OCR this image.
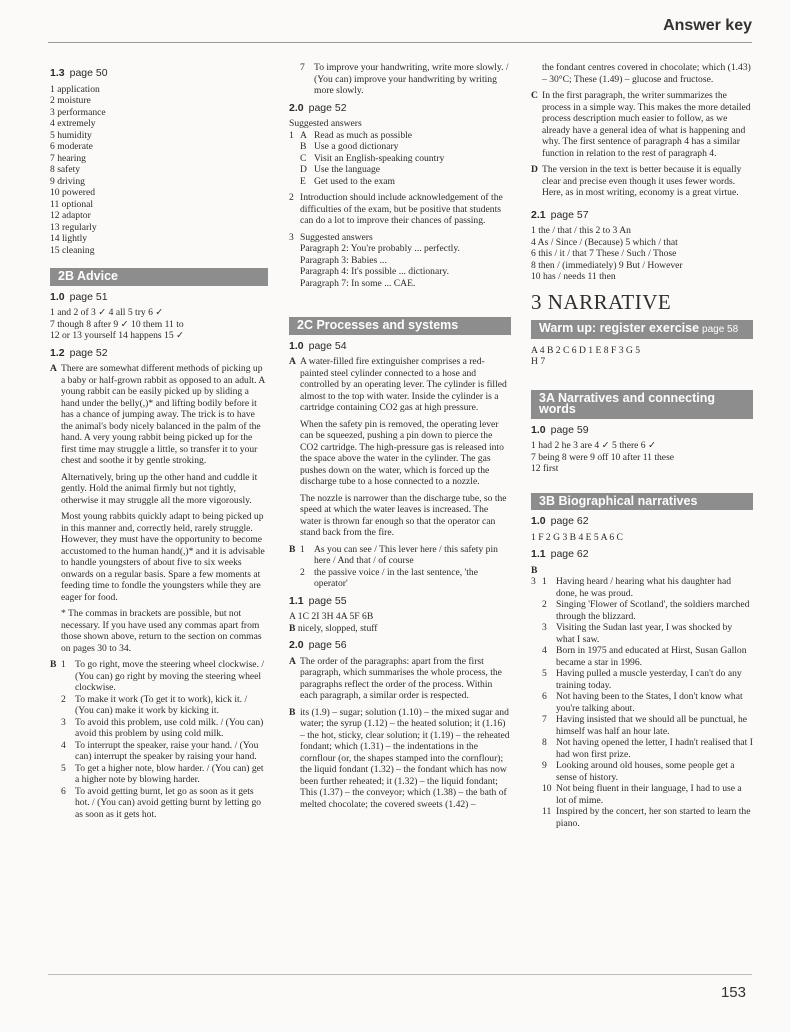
Answer key
1.3 page 50
1 application
2 moisture
3 performance
4 extremely
5 humidity
6 moderate
7 hearing
8 safety
9 driving
10 powered
11 optional
12 adaptor
13 regularly
14 lightly
15 cleaning
2B Advice
1.0 page 51
1 and 2 of 3 ✓ 4 all 5 try 6 ✓
7 though 8 after 9 ✓ 10 them 11 to
12 or 13 yourself 14 happens 15 ✓
1.2 page 52
A There are somewhat different methods of picking up a baby or half-grown rabbit as opposed to an adult. A young rabbit can be easily picked up by sliding a hand under the belly(,)* and lifting bodily before it has a chance of jumping away. The trick is to have the animal's body nicely balanced in the palm of the hand. A very young rabbit being picked up for the first time may struggle a little, so transfer it to your chest and soothe it by gentle stroking.

Alternatively, bring up the other hand and cuddle it gently. Hold the animal firmly but not tightly, otherwise it may struggle all the more vigorously.

Most young rabbits quickly adapt to being picked up in this manner and, correctly held, rarely struggle. However, they must have the opportunity to become accustomed to the human hand(,)* and it is advisable to handle youngsters of about five to six weeks onwards on a regular basis. Spare a few moments at feeding time to fondle the youngsters while they are eager for food.

* The commas in brackets are possible, but not necessary. If you have used any commas apart from those shown above, return to the section on commas on pages 30 to 34.

B 1 To go right, move the steering wheel clockwise. / (You can) go right by moving the steering wheel clockwise.
2 To make it work (To get it to work), kick it. / (You can) make it work by kicking it.
3 To avoid this problem, use cold milk. / (You can) avoid this problem by using cold milk.
4 To interrupt the speaker, raise your hand. / (You can) interrupt the speaker by raising your hand.
5 To get a higher note, blow harder. / (You can) get a higher note by blowing harder.
6 To avoid getting burnt, let go as soon as it gets hot. / (You can) avoid getting burnt by letting go as soon as it gets hot.
7 To improve your handwriting, write more slowly. / (You can) improve your handwriting by writing more slowly.
2.0 page 52
Suggested answers
1 A Read as much as possible
B Use a good dictionary
C Visit an English-speaking country
D Use the language
E Get used to the exam
2 Introduction should include acknowledgement of the difficulties of the exam, but be positive that students can do a lot to improve their chances of passing.
3 Suggested answers
Paragraph 2: You're probably ... perfectly.
Paragraph 3: Babies ...
Paragraph 4: It's possible ... dictionary.
Paragraph 7: In some ... CAE.
2C Processes and systems
1.0 page 54
A A water-filled fire extinguisher comprises a red-painted steel cylinder connected to a hose and controlled by an operating lever. The cylinder is filled almost to the top with water. Inside the cylinder is a cartridge containing CO2 gas at high pressure.

When the safety pin is removed, the operating lever can be squeezed, pushing a pin down to pierce the CO2 cartridge. The high-pressure gas is released into the space above the water in the cylinder. The gas pushes down on the water, which is forced up the discharge tube to a hose connected to a nozzle.

The nozzle is narrower than the discharge tube, so the speed at which the water leaves is increased. The water is thrown far enough so that the operator can stand back from the fire.

B 1 As you can see / This lever here / this safety pin here / And that / of course
2 the passive voice / in the last sentence, 'the operator'
1.1 page 55
A 1C 2I 3H 4A 5F 6B
B nicely, slopped, stuff
2.0 page 56
A The order of the paragraphs: apart from the first paragraph, which summarises the whole process, the paragraphs reflect the order of the process. Within each paragraph, a similar order is respected.
B its (1.9) – sugar; solution (1.10) – the mixed sugar and water; the syrup (1.12) – the heated solution; it (1.16) – the hot, sticky, clear solution; it (1.19) – the reheated fondant; which (1.31) – the indentations in the cornflour (or, the shapes stamped into the cornflour); the liquid fondant (1.32) – the fondant which has now been further reheated; it (1.32) – the liquid fondant; This (1.37) – the conveyor; which (1.38) – the bath of melted chocolate; the covered sweets (1.42) –
the fondant centres covered in chocolate; which (1.43) – 30°C; These (1.49) – glucose and fructose.
C In the first paragraph, the writer summarizes the process in a simple way. This makes the more detailed process description much easier to follow, as we already have a general idea of what is happening and why. The first sentence of paragraph 4 has a similar function in relation to the rest of paragraph 4.
D The version in the text is better because it is equally clear and precise even though it uses fewer words. Here, as in most writing, economy is a great virtue.
2.1 page 57
1 the / that / this 2 to 3 An
4 As / Since / (Because) 5 which / that
6 this / it / that 7 These / Such / Those
8 then / (immediately) 9 But / However
10 has / needs 11 then
3 NARRATIVE
Warm up: register exercise page 58
A 4 B 2 C 6 D 1 E 8 F 3 G 5
H 7
3A Narratives and connecting words
1.0 page 59
1 had 2 he 3 are 4 ✓ 5 there 6 ✓
7 being 8 were 9 off 10 after 11 these
12 first
3B Biographical narratives
1.0 page 62
1 F 2 G 3 B 4 E 5 A 6 C
1.1 page 62
B
3 1 Having heard / hearing what his daughter had done, he was proud.
2 Singing 'Flower of Scotland', the soldiers marched through the blizzard.
3 Visiting the Sudan last year, I was shocked by what I saw.
4 Born in 1975 and educated at Hirst, Susan Gallon became a star in 1996.
5 Having pulled a muscle yesterday, I can't do any training today.
6 Not having been to the States, I don't know what you're talking about.
7 Having insisted that we should all be punctual, he himself was half an hour late.
8 Not having opened the letter, I hadn't realised that I had won first prize.
9 Looking around old houses, some people get a sense of history.
10 Not being fluent in their language, I had to use a lot of mime.
11 Inspired by the concert, her son started to learn the piano.
153
